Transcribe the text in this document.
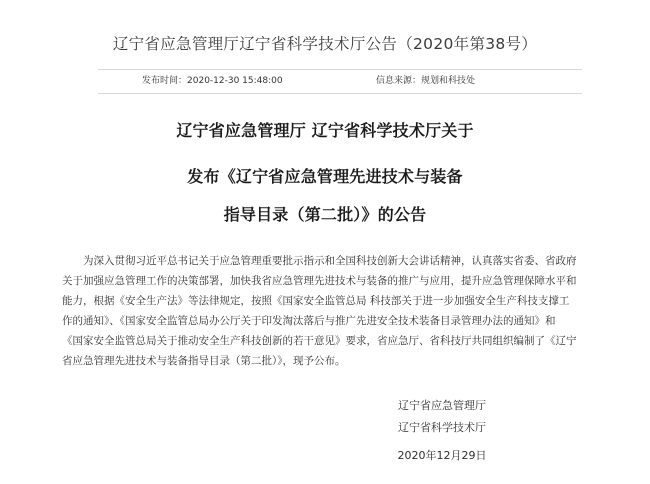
辽宁省应急管理厅辽宁省科学技术厅公告（2020年第38号）
发布时间：2020-12-30 15:48:00	信息来源：规划和科技处
辽宁省应急管理厅 辽宁省科学技术厅关于
发布《辽宁省应急管理先进技术与装备
指导目录（第二批）》的公告
为深入贯彻习近平总书记关于应急管理重要批示指示和全国科技创新大会讲话精神，认真落实省委、省政府
关于加强应急管理工作的决策部署，加快我省应急管理先进技术与装备的推广与应用，提升应急管理保障水平和
能力，根据《安全生产法》等法律规定，按照《国家安全监管总局 科技部关于进一步加强安全生产科技支撑工
作的通知》、《国家安全监管总局办公厅关于印发淘汰落后与推广先进安全技术装备目录管理办法的通知》和
《国家安全监管总局关于推动安全生产科技创新的若干意见》要求，省应急厅、省科技厅共同组织编制了《辽宁
省应急管理先进技术与装备指导目录（第二批）》，现予公布。
辽宁省应急管理厅
辽宁省科学技术厅
2020年12月29日
